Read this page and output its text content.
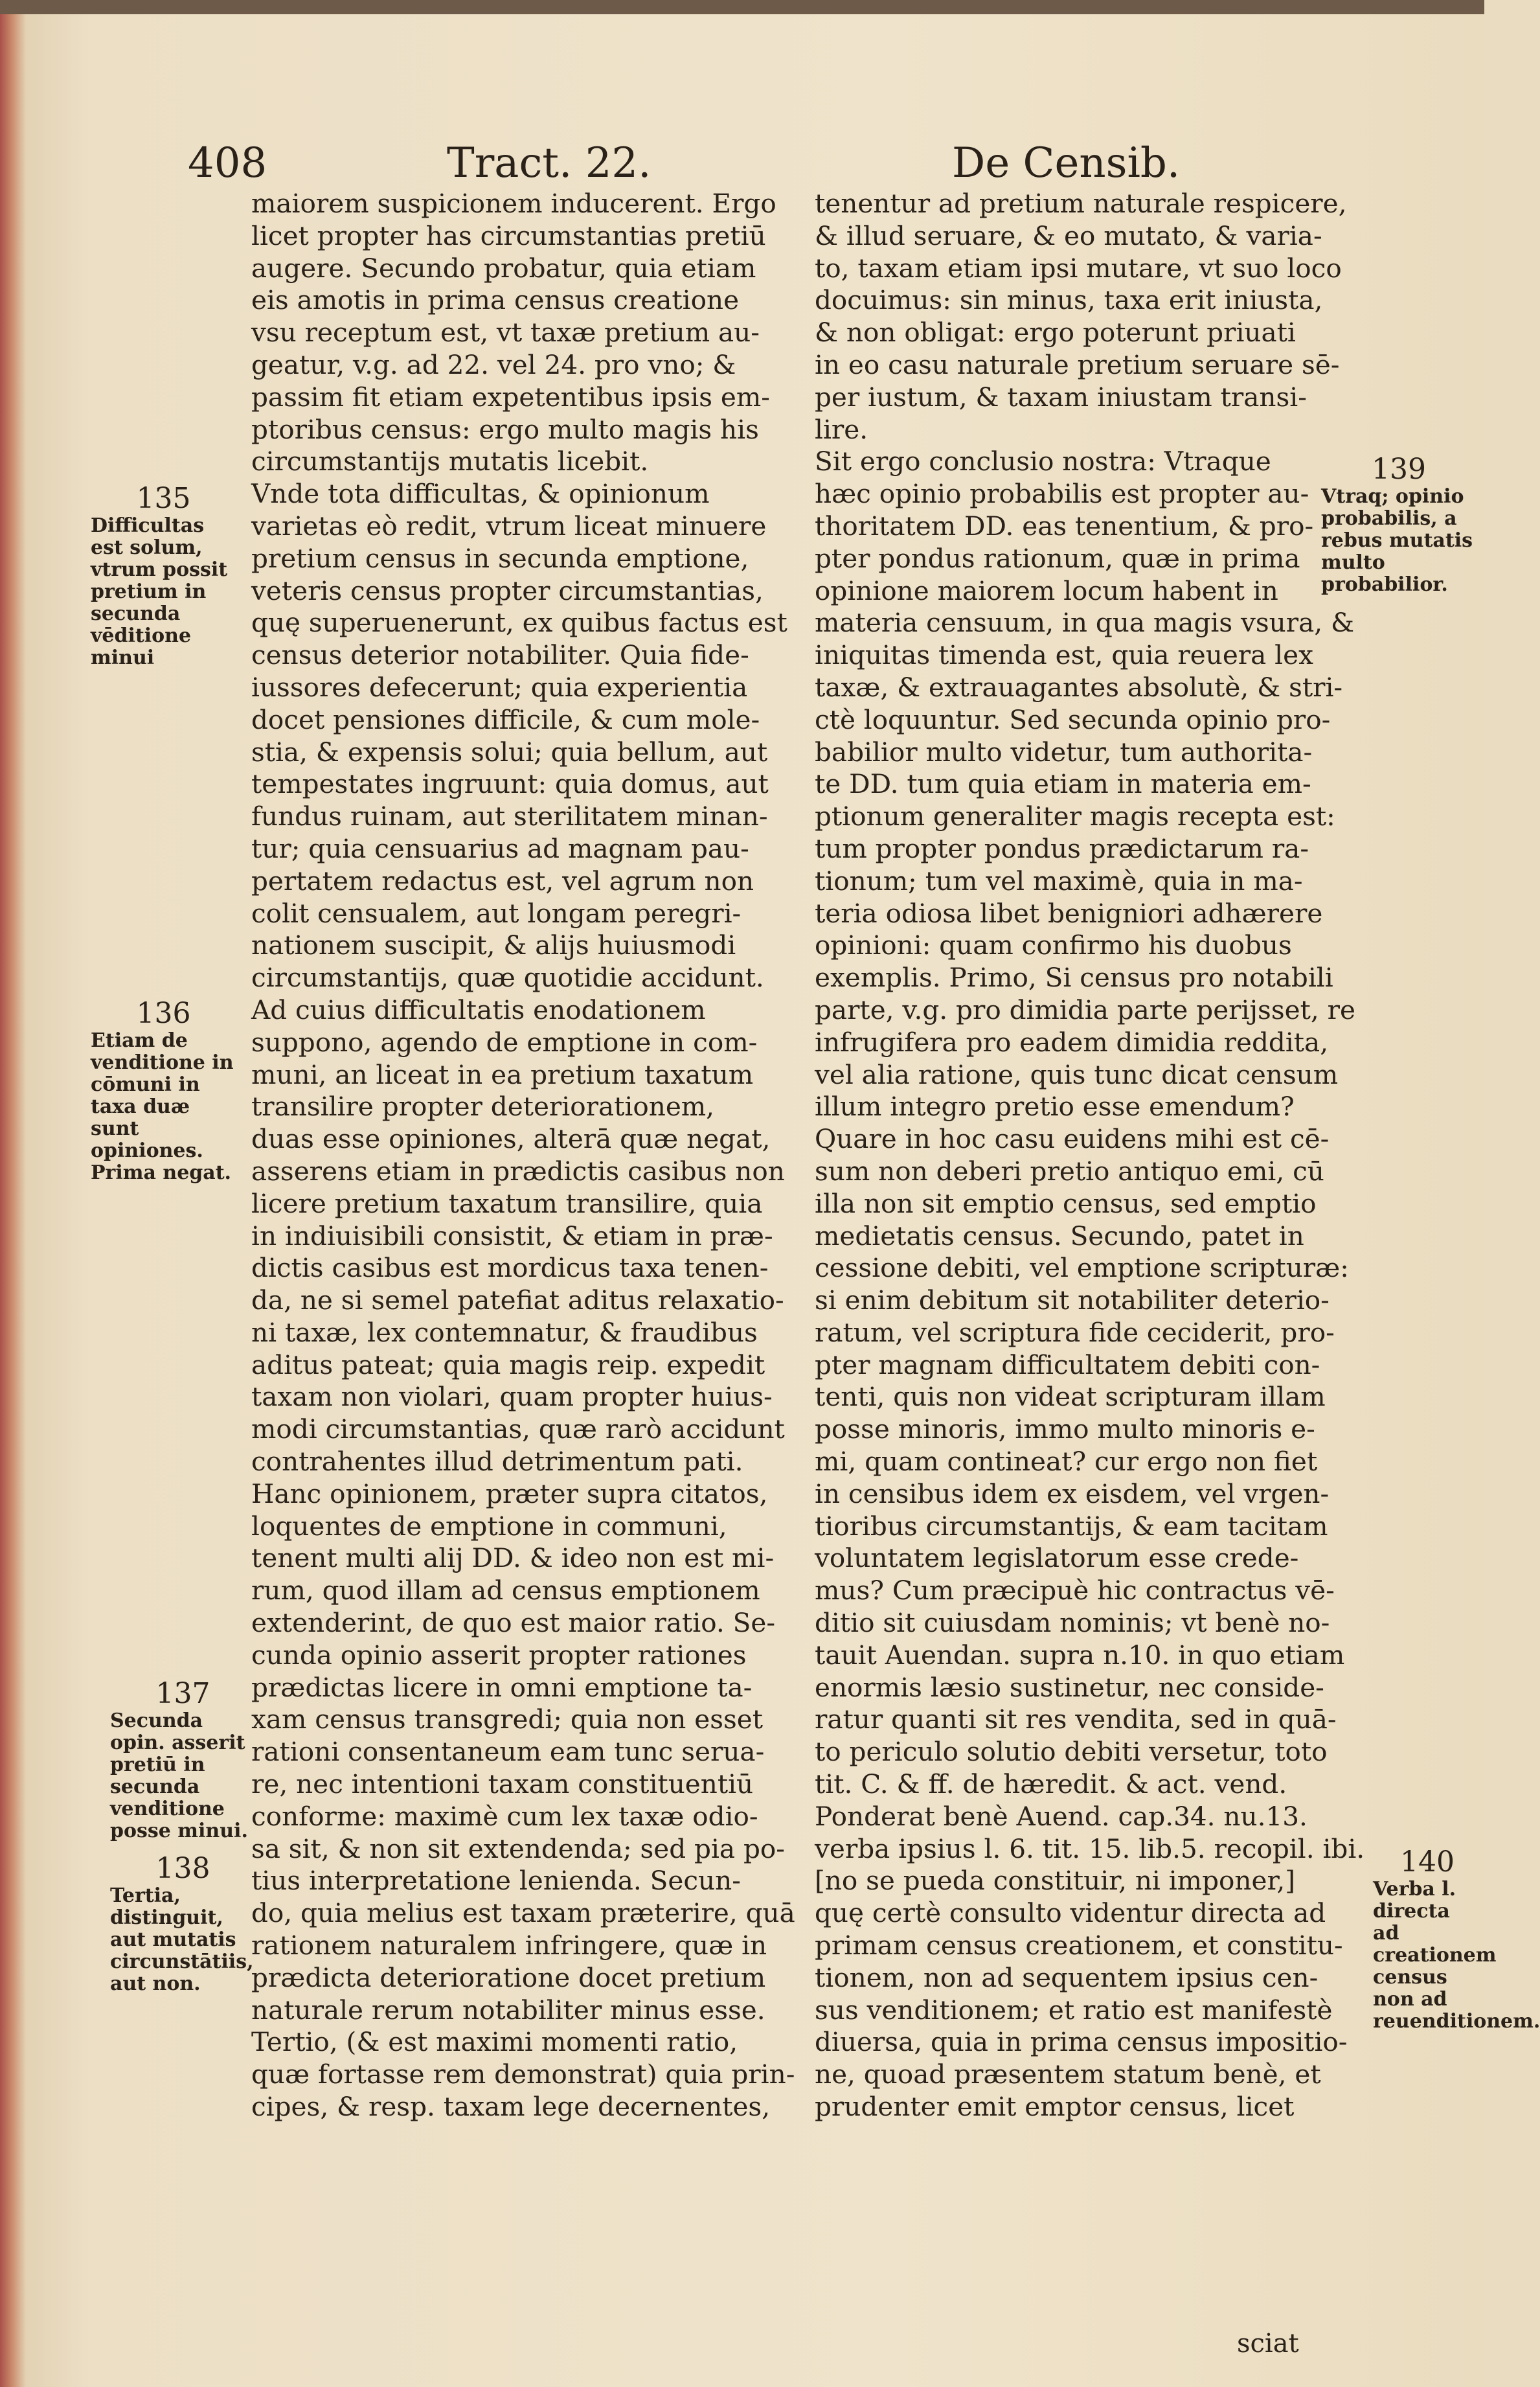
408	Tract. 22.	De Censib.
maiorem suspicionem inducerent. Ergo
licet propter has circumstantias pretiū
augere. Secundo probatur, quia etiam
eis amotis in prima census creatione
vsu receptum est, vt taxæ pretium au-
geatur, v.g. ad 22. vel 24. pro vno; &
passim fit etiam expetentibus ipsis em-
ptoribus census: ergo multo magis his
circumstantijs mutatis licebit.
Vnde tota difficultas, & opinionum
varietas eò redit, vtrum liceat minuere
pretium census in secunda emptione,
veteris census propter circumstantias,
quę superuenerunt, ex quibus factus est
census deterior notabiliter. Quia fide-
iussores defecerunt; quia experientia
docet pensiones difficile, & cum mole-
stia, & expensis solui; quia bellum, aut
tempestates ingruunt: quia domus, aut
fundus ruinam, aut sterilitatem minan-
tur; quia censuarius ad magnam pau-
pertatem redactus est, vel agrum non
colit censualem, aut longam peregri-
nationem suscipit, & alijs huiusmodi
circumstantijs, quæ quotidie accidunt.
Ad cuius difficultatis enodationem
suppono, agendo de emptione in com-
muni, an liceat in ea pretium taxatum
transilire propter deteriorationem,
duas esse opiniones, alterā quæ negat,
asserens etiam in prædictis casibus non
licere pretium taxatum transilire, quia
in indiuisibili consistit, & etiam in præ-
dictis casibus est mordicus taxa tenen-
da, ne si semel patefiat aditus relaxatio-
ni taxæ, lex contemnatur, & fraudibus
aditus pateat; quia magis reip. expedit
taxam non violari, quam propter huius-
modi circumstantias, quæ rarò accidunt
contrahentes illud detrimentum pati.
Hanc opinionem, præter supra citatos,
loquentes de emptione in communi,
tenent multi alij DD. & ideo non est mi-
rum, quod illam ad census emptionem
extenderint, de quo est maior ratio. Se-
cunda opinio asserit propter rationes
prædictas licere in omni emptione ta-
xam census transgredi; quia non esset
rationi consentaneum eam tunc serua-
re, nec intentioni taxam constituentiū
conforme: maximè cum lex taxæ odio-
sa sit, & non sit extendenda; sed pia po-
tius interpretatione lenienda. Secun-
do, quia melius est taxam præterire, quā
rationem naturalem infringere, quæ in
prædicta deterioratione docet pretium
naturale rerum notabiliter minus esse.
Tertio, (& est maximi momenti ratio,
quæ fortasse rem demonstrat) quia prin-
cipes, & resp. taxam lege decernentes,
tenentur ad pretium naturale respicere,
& illud seruare, & eo mutato, & varia-
to, taxam etiam ipsi mutare, vt suo loco
docuimus: sin minus, taxa erit iniusta,
& non obligat: ergo poterunt priuati
in eo casu naturale pretium seruare sē-
per iustum, & taxam iniustam transi-
lire.
Sit ergo conclusio nostra: Vtraque
hæc opinio probabilis est propter au-
thoritatem DD. eas tenentium, & pro-
pter pondus rationum, quæ in prima
opinione maiorem locum habent in
materia censuum, in qua magis vsura, &
iniquitas timenda est, quia reuera lex
taxæ, & extrauagantes absolutè, & stri-
ctè loquuntur. Sed secunda opinio pro-
babilior multo videtur, tum authorita-
te DD. tum quia etiam in materia em-
ptionum generaliter magis recepta est:
tum propter pondus prædictarum ra-
tionum; tum vel maximè, quia in ma-
teria odiosa libet benigniori adhærere
opinioni: quam confirmo his duobus
exemplis. Primo, Si census pro notabili
parte, v.g. pro dimidia parte perijsset, re
infrugifera pro eadem dimidia reddita,
vel alia ratione, quis tunc dicat censum
illum integro pretio esse emendum?
Quare in hoc casu euidens mihi est cē-
sum non deberi pretio antiquo emi, cū
illa non sit emptio census, sed emptio
medietatis census. Secundo, patet in
cessione debiti, vel emptione scripturæ:
si enim debitum sit notabiliter deterio-
ratum, vel scriptura fide ceciderit, pro-
pter magnam difficultatem debiti con-
tenti, quis non videat scripturam illam
posse minoris, immo multo minoris e-
mi, quam contineat? cur ergo non fiet
in censibus idem ex eisdem, vel vrgen-
tioribus circumstantijs, & eam tacitam
voluntatem legislatorum esse crede-
mus? Cum præcipuè hic contractus vē-
ditio sit cuiusdam nominis; vt benè no-
tauit Auendan. supra n.10. in quo etiam
enormis læsio sustinetur, nec conside-
ratur quanti sit res vendita, sed in quā-
to periculo solutio debiti versetur, toto
tit. C. & ff. de hæredit. & act. vend.
Ponderat benè Auend. cap.34. nu.13.
verba ipsius l. 6. tit. 15. lib.5. recopil. ibi.
[no se pueda constituir, ni imponer,]
quę certè consulto videntur directa ad
primam census creationem, et constitu-
tionem, non ad sequentem ipsius cen-
sus venditionem; et ratio est manifestè
diuersa, quia in prima census impositio-
ne, quoad præsentem statum benè, et
prudenter emit emptor census, licet
135
Difficultas est solum, vtrum possit pretium in secunda vēditione minui
136
Etiam de venditione in cōmuni in taxa duæ sunt opiniones. Prima negat.
137
Secunda opin. asserit pretiū in secunda venditione posse minui.
138
Tertia, distinguit, aut mutatis circunstātiis, aut non.
139
Vtraq; opinio probabilis, a rebus mutatis multo probabilior.
140
Verba l. directa ad creationem census non ad reuenditionem.
sciat
